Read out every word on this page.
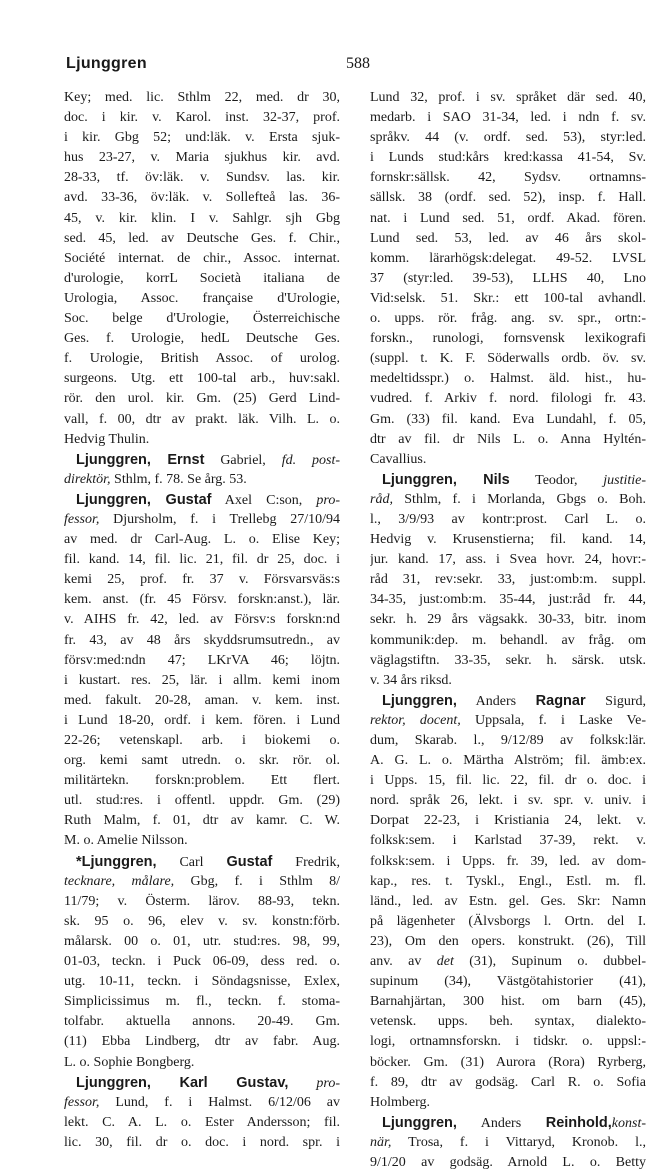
Ljunggren	588
Key; med. lic. Sthlm 22, med. dr 30,
doc. i kir. v. Karol. inst. 32-37, prof.
i kir. Gbg 52; und:läk. v. Ersta sjuk-
hus 23-27, v. Maria sjukhus kir. avd.
28-33, tf. öv:läk. v. Sundsv. las. kir.
avd. 33-36, öv:läk. v. Sollefteå las. 36-
45, v. kir. klin. I v. Sahlgr. sjh Gbg
sed. 45, led. av Deutsche Ges. f. Chir.,
Société internat. de chir., Assoc. internat.
d'urologie, korrL Società italiana de
Urologia, Assoc. française d'Urologie,
Soc. belge d'Urologie, Österreichische
Ges. f. Urologie, hedL Deutsche Ges.
f. Urologie, British Assoc. of urolog.
surgeons. Utg. ett 100-tal arb., huv:sakl.
rör. den urol. kir. Gm. (25) Gerd Lind-
vall, f. 00, dtr av prakt. läk. Vilh. L. o.
Hedvig Thulin.
Ljunggren, Ernst Gabriel, fd. post-
direktör, Sthlm, f. 78. Se årg. 53.
Ljunggren, Gustaf Axel C:son, pro-
fessor, Djursholm, f. i Trellebg 27/10/94
av med. dr Carl-Aug. L. o. Elise Key;
fil. kand. 14, fil. lic. 21, fil. dr 25, doc. i
kemi 25, prof. fr. 37 v. Försvarsväs:s
kem. anst. (fr. 45 Försv. forskn:anst.), lär.
v. AIHS fr. 42, led. av Försv:s forskn:nd
fr. 43, av 48 års skyddsrumsutredn., av
försv:med:ndn 47; LKrVA 46; löjtn.
i kustart. res. 25, lär. i allm. kemi inom
med. fakult. 20-28, aman. v. kem. inst.
i Lund 18-20, ordf. i kem. fören. i Lund
22-26; vetenskapl. arb. i biokemi o.
org. kemi samt utredn. o. skr. rör. ol.
militärtekn. forskn:problem. Ett flert.
utl. stud:res. i offentl. uppdr. Gm. (29)
Ruth Malm, f. 01, dtr av kamr. C. W.
M. o. Amelie Nilsson.
*Ljunggren, Carl Gustaf Fredrik,
tecknare, målare, Gbg, f. i Sthlm 8/
11/79; v. Österm. lärov. 88-93, tekn.
sk. 95 o. 96, elev v. sv. konstn:förb.
målarsk. 00 o. 01, utr. stud:res. 98, 99,
01-03, teckn. i Puck 06-09, dess red. o.
utg. 10-11, teckn. i Söndagsnisse, Exlex,
Simplicissimus m. fl., teckn. f. stoma-
tolfabr. aktuella annons. 20-49. Gm.
(11) Ebba Lindberg, dtr av fabr. Aug.
L. o. Sophie Bongberg.
Ljunggren, Karl Gustav, pro-
fessor, Lund, f. i Halmst. 6/12/06 av
lekt. C. A. L. o. Ester Andersson; fil.
lic. 30, fil. dr o. doc. i nord. spr. i
Lund 32, prof. i sv. språket där sed. 40,
medarb. i SAO 31-34, led. i ndn f. sv.
språkv. 44 (v. ordf. sed. 53), styr:led.
i Lunds stud:kårs kred:kassa 41-54, Sv.
fornskr:sällsk. 42, Sydsv. ortnamns-
sällsk. 38 (ordf. sed. 52), insp. f. Hall.
nat. i Lund sed. 51, ordf. Akad. fören.
Lund sed. 53, led. av 46 års skol-
komm. lärarhögsk:delegat. 49-52. LVSL
37 (styr:led. 39-53), LLHS 40, Lno
Vid:selsk. 51. Skr.: ett 100-tal avhandl.
o. upps. rör. fråg. ang. sv. spr., ortn:-
forskn., runologi, fornsvensk lexikografi
(suppl. t. K. F. Söderwalls ordb. öv. sv.
medeltidsspr.) o. Halmst. äld. hist., hu-
vudred. f. Arkiv f. nord. filologi fr. 43.
Gm. (33) fil. kand. Eva Lundahl, f. 05,
dtr av fil. dr Nils L. o. Anna Hyltén-
Cavallius.
Ljunggren, Nils Teodor, justitie-
råd, Sthlm, f. i Morlanda, Gbgs o. Boh.
l., 3/9/93 av kontr:prost. Carl L. o.
Hedvig v. Krusenstierna; fil. kand. 14,
jur. kand. 17, ass. i Svea hovr. 24, hovr:-
råd 31, rev:sekr. 33, just:omb:m. suppl.
34-35, just:omb:m. 35-44, just:råd fr. 44,
sekr. h. 29 års vägsakk. 30-33, bitr. inom
kommunik:dep. m. behandl. av fråg. om
väglagstiftn. 33-35, sekr. h. särsk. utsk.
v. 34 års riksd.
Ljunggren, Anders Ragnar Sigurd,
rektor, docent, Uppsala, f. i Laske Ve-
dum, Skarab. l., 9/12/89 av folksk:lär.
A. G. L. o. Märtha Alström; fil. ämb:ex.
i Upps. 15, fil. lic. 22, fil. dr o. doc. i
nord. språk 26, lekt. i sv. spr. v. univ. i
Dorpat 22-23, i Kristiania 24, lekt. v.
folksk:sem. i Karlstad 37-39, rekt. v.
folksk:sem. i Upps. fr. 39, led. av dom-
kap., res. t. Tyskl., Engl., Estl. m. fl.
länd., led. av Estn. gel. Ges. Skr: Namn
på lägenheter (Älvsborgs l. Ortn. del I.
23), Om den opers. konstrukt. (26), Till
anv. av det (31), Supinum o. dubbel-
supinum (34), Västgötahistorier (41),
Barnahjärtan, 300 hist. om barn (45),
vetensk. upps. beh. syntax, dialekto-
logi, ortnamnsforskn. i tidskr. o. uppsl:-
böcker. Gm. (31) Aurora (Rora) Ryrberg,
f. 89, dtr av godsäg. Carl R. o. Sofia
Holmberg.
Ljunggren, Anders Reinhold,konst-
när, Trosa, f. i Vittaryd, Kronob. l.,
9/1/20 av godsäg. Arnold L. o. Betty
